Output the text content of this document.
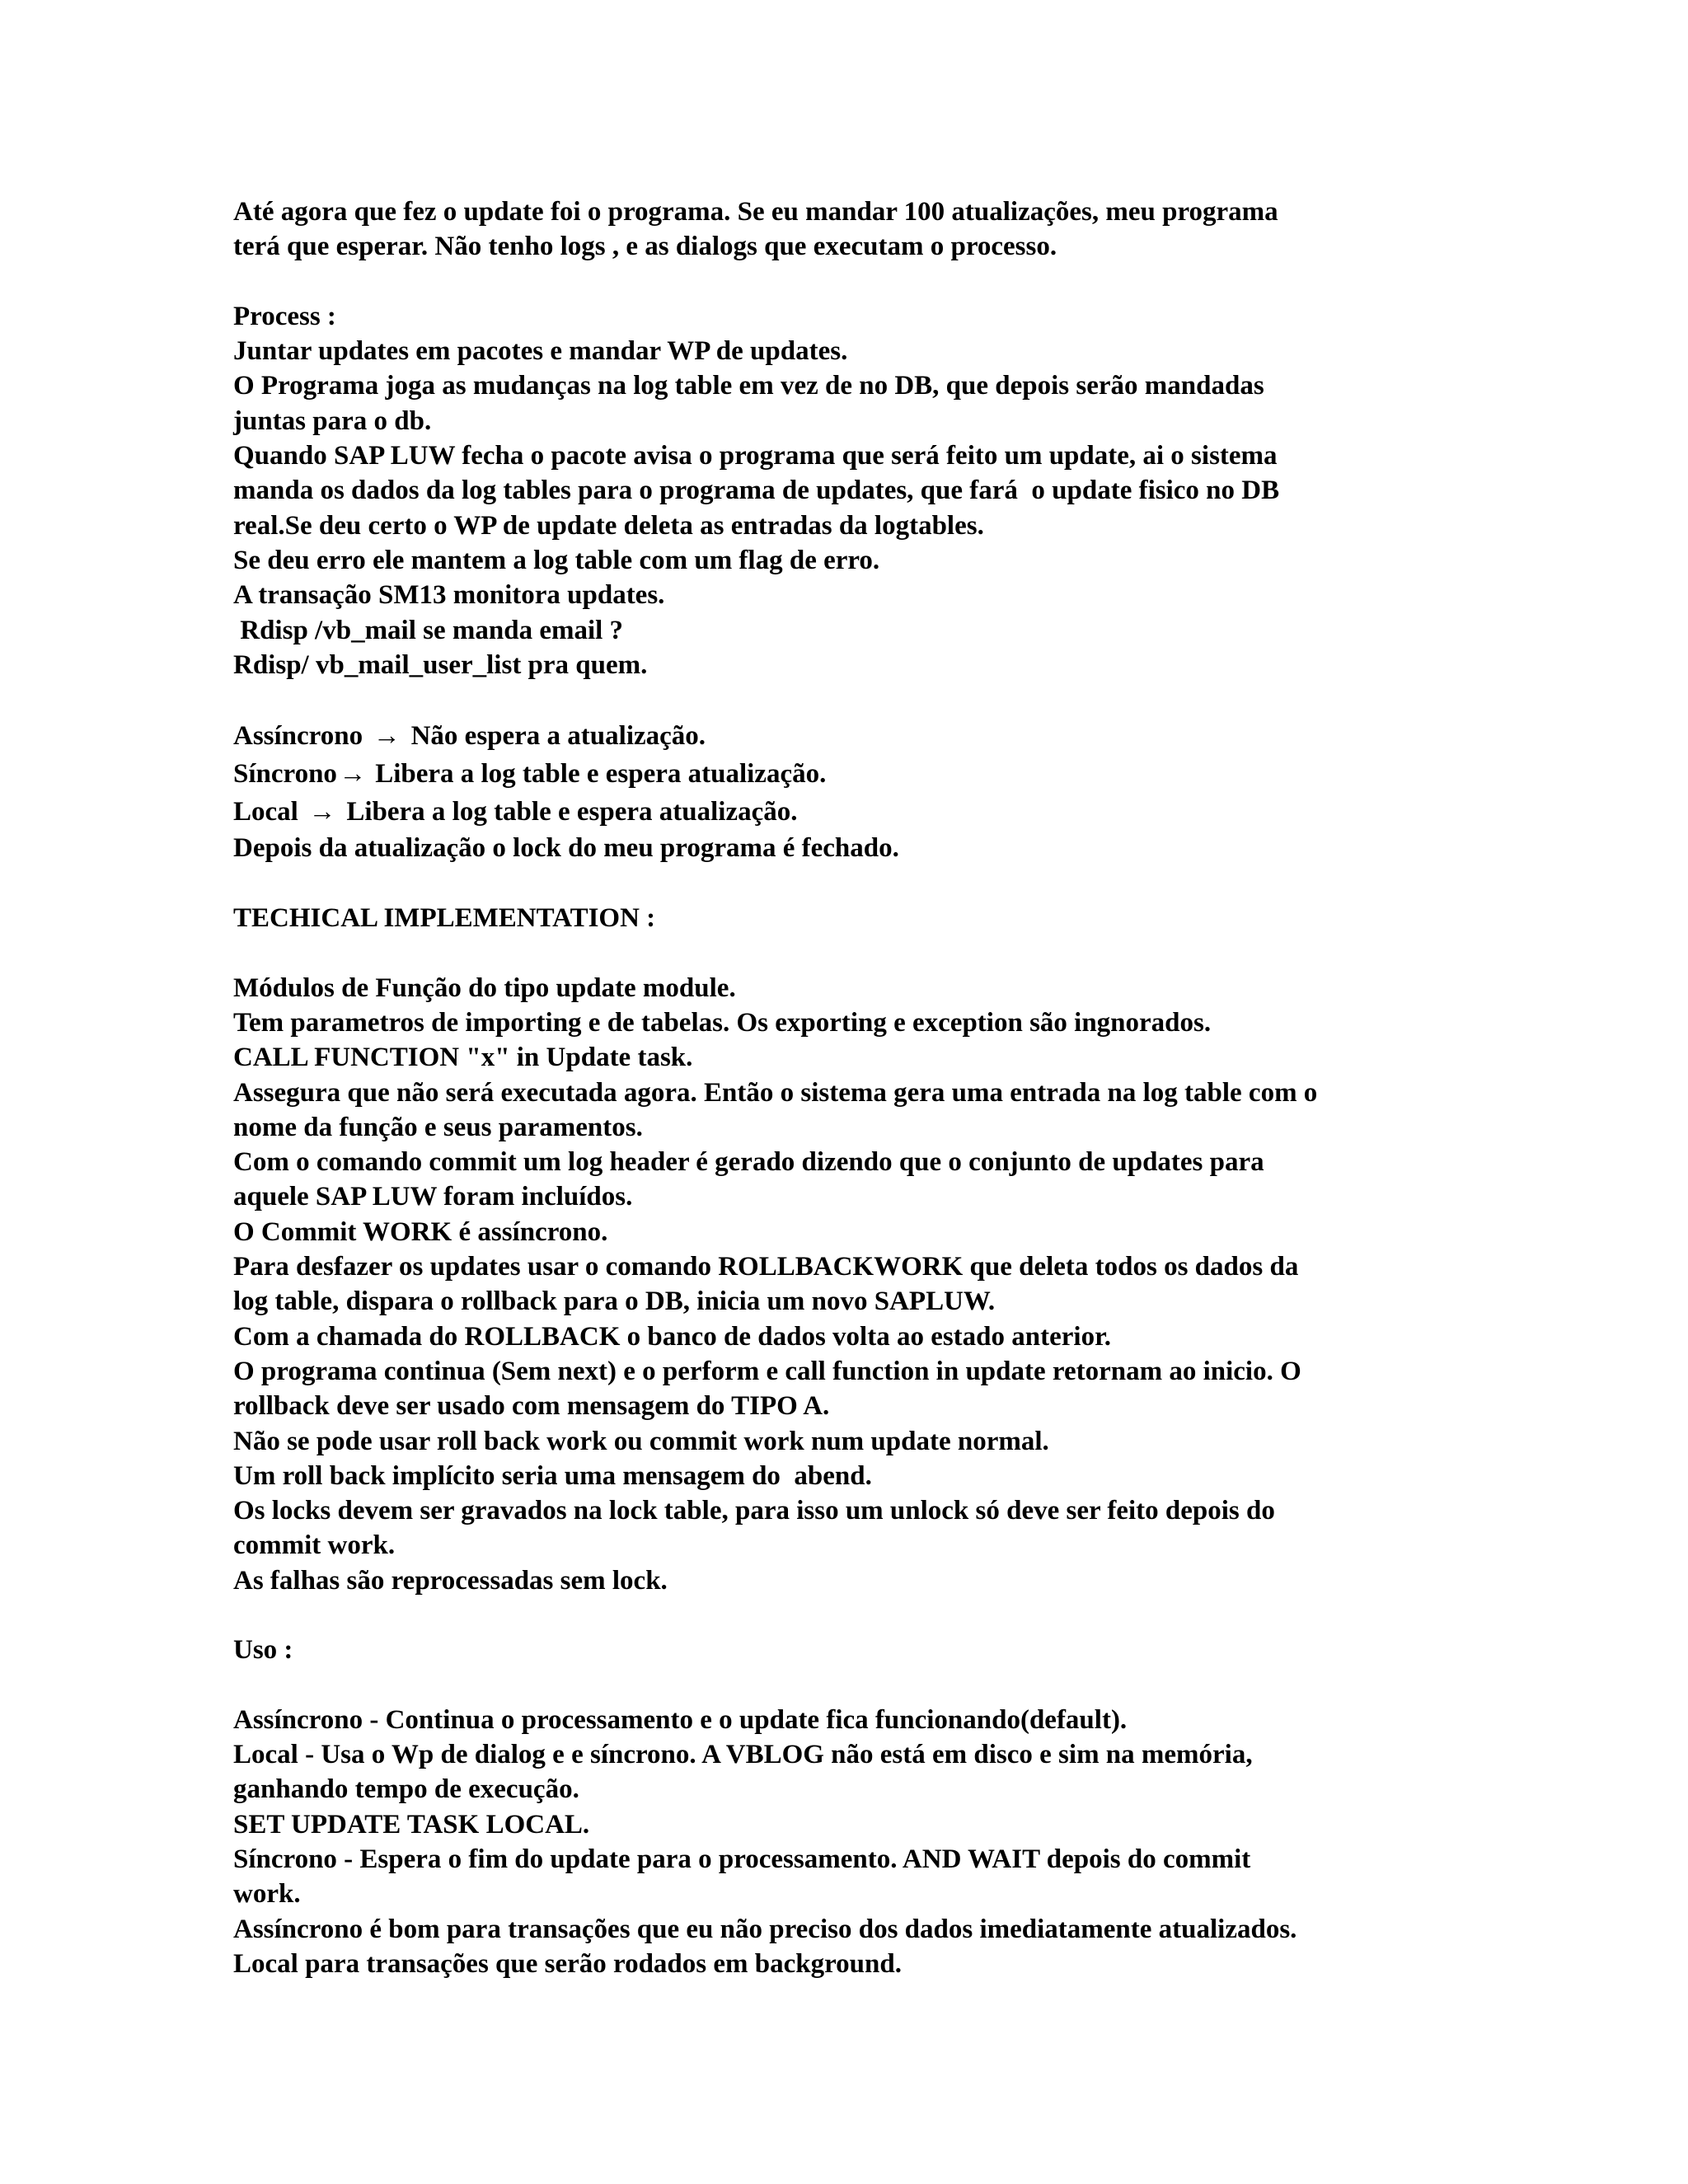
Até agora que fez o update foi o programa. Se eu mandar 100 atualizações, meu programa
terá que esperar. Não tenho logs , e as dialogs que executam o processo.
Process :
Juntar updates em pacotes e mandar WP de updates.
O Programa joga as mudanças na log table em vez de no DB, que depois serão mandadas
juntas para o db.
Quando SAP LUW fecha o pacote avisa o programa que será feito um update, ai o sistema
manda os dados da log tables para o programa de updates, que fará  o update fisico no DB
real.Se deu certo o WP de update deleta as entradas da logtables.
Se deu erro ele mantem a log table com um flag de erro.
A transação SM13 monitora updates.
Rdisp /vb_mail se manda email ?
Rdisp/ vb_mail_user_list pra quem.
Assíncrono → Não espera a atualização.
Síncrono→ Libera a log table e espera atualização.
Local → Libera a log table e espera atualização.
Depois da atualização o lock do meu programa é fechado.
TECHICAL IMPLEMENTATION :
Módulos de Função do tipo update module.
Tem parametros de importing e de tabelas. Os exporting e exception são ingnorados.
CALL FUNCTION "x" in Update task.
Assegura que não será executada agora. Então o sistema gera uma entrada na log table com o
nome da função e seus paramentos.
Com o comando commit um log header é gerado dizendo que o conjunto de updates para
aquele SAP LUW foram incluídos.
O Commit WORK é assíncrono.
Para desfazer os updates usar o comando ROLLBACKWORK que deleta todos os dados da
log table, dispara o rollback para o DB, inicia um novo SAPLUW.
Com a chamada do ROLLBACK o banco de dados volta ao estado anterior.
O programa continua (Sem next) e o perform e call function in update retornam ao inicio. O
rollback deve ser usado com mensagem do TIPO A.
Não se pode usar roll back work ou commit work num update normal.
Um roll back implícito seria uma mensagem do  abend.
Os locks devem ser gravados na lock table, para isso um unlock só deve ser feito depois do
commit work.
As falhas são reprocessadas sem lock.
Uso :
Assíncrono - Continua o processamento e o update fica funcionando(default).
Local - Usa o Wp de dialog e e síncrono. A VBLOG não está em disco e sim na memória,
ganhando tempo de execução.
SET UPDATE TASK LOCAL.
Síncrono - Espera o fim do update para o processamento. AND WAIT depois do commit
work.
Assíncrono é bom para transações que eu não preciso dos dados imediatamente atualizados.
Local para transações que serão rodados em background.
